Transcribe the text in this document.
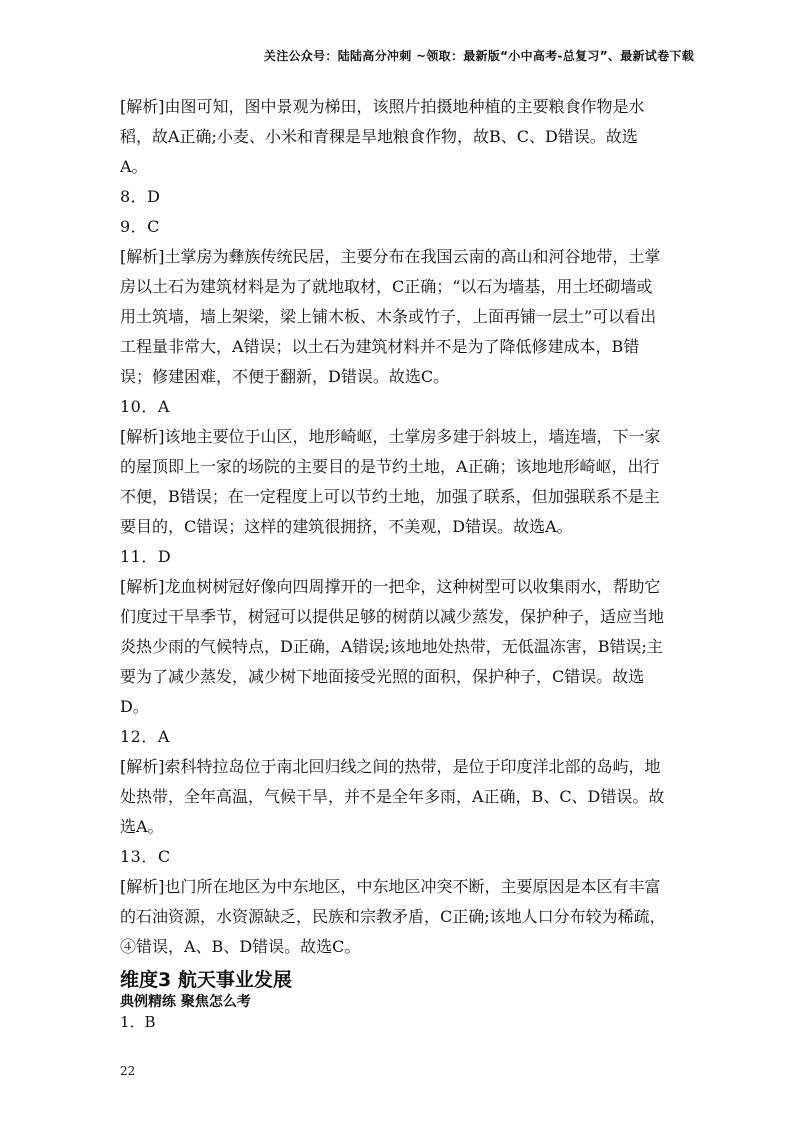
关注公众号：陆陆高分冲刺 ~领取：最新版“小中高考-总复习”、最新试卷下载
[解析]由图可知，图中景观为梯田，该照片拍摄地种植的主要粮食作物是水
稻，故A正确;小麦、小米和青稞是旱地粮食作物，故B、C、D错误。故选
A。
8．D
9．C
[解析]土掌房为彝族传统民居，主要分布在我国云南的高山和河谷地带，土掌
房以土石为建筑材料是为了就地取材，C正确；“以石为墙基，用土坯砌墙或
用土筑墙，墙上架梁，梁上铺木板、木条或竹子，上面再铺一层土”可以看出
工程量非常大，A错误；以土石为建筑材料并不是为了降低修建成本，B错
误；修建困难，不便于翻新，D错误。故选C。
10．A
[解析]该地主要位于山区，地形崎岖，土掌房多建于斜坡上，墙连墙，下一家
的屋顶即上一家的场院的主要目的是节约土地，A正确；该地地形崎岖，出行
不便，B错误；在一定程度上可以节约土地，加强了联系，但加强联系不是主
要目的，C错误；这样的建筑很拥挤，不美观，D错误。故选A。
11．D
[解析]龙血树树冠好像向四周撑开的一把伞，这种树型可以收集雨水，帮助它
们度过干旱季节，树冠可以提供足够的树荫以减少蒸发，保护种子，适应当地
炎热少雨的气候特点，D正确，A错误;该地地处热带，无低温冻害，B错误;主
要为了减少蒸发，减少树下地面接受光照的面积，保护种子，C错误。故选
D。
12．A
[解析]索科特拉岛位于南北回归线之间的热带，是位于印度洋北部的岛屿，地
处热带，全年高温，气候干旱，并不是全年多雨，A正确，B、C、D错误。故
选A。
13．C
[解析]也门所在地区为中东地区，中东地区冲突不断，主要原因是本区有丰富
的石油资源，水资源缺乏，民族和宗教矛盾，C正确;该地人口分布较为稀疏，
④错误，A、B、D错误。故选C。
维度3 航天事业发展
典例精练 聚焦怎么考
1．B
22
